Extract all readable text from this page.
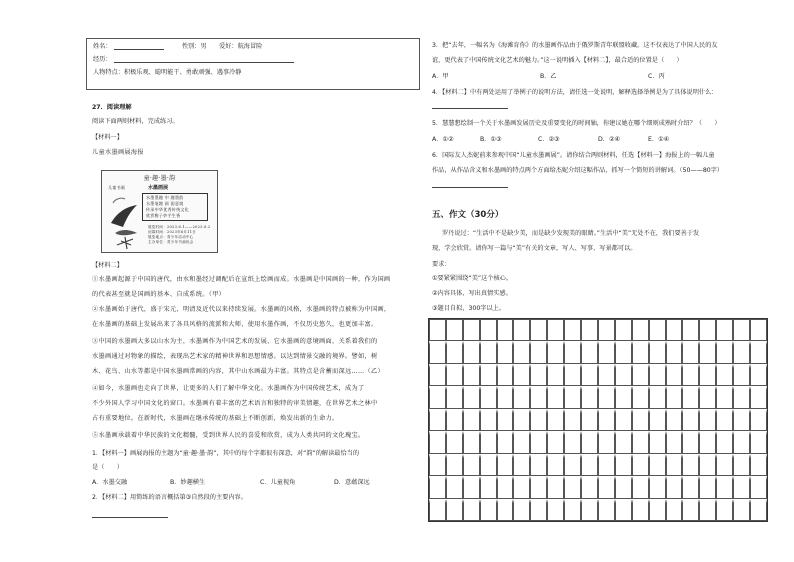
姓名：　　	性别：男　　 爱好：航海冒险
经历：
人物特点：积极乐观、聪明能干、勇敢顽强、遇事冷静
27．阅读理解
阅读下面两则材料，完成练习。
【材料一】
儿童水墨画展海报
童·趣·墨·韵
儿童书画	水墨画展
水墨墨趣 中 趣墨韵
水墨笔趣 画 韵意境
传承中华优秀传统文化
欣赏稚子妙手生香
展览时间：2023.6.1——2023.6.2
闭幕时间：2023年6月11日
展览地点：青少年活动中心
主办单位：青少年书画协会
【材料二】
①水墨画起源于中国的唐代，由水和墨经过调配后在宣纸上绘画而成。水墨画是中国画的一种，作为国画
的代表甚至就是国画的基本、自成系统。（甲）
②水墨画始于唐代，盛于宋元，明清及近代以来持续发展。水墨画的风格，水墨画的特点被称为中国画，
在水墨画的基础上发展出来了各具风格的流派和大师，使用水墨作画，不仅历史悠久，也更加丰富。
③中国的水墨画大多以山水为主，水墨画作为中国艺术的发展，它水墨画的意境画面，关系着我们的
水墨画通过对物象的描绘，表现出艺术家的精神世界和思想情感。以达到情景交融的境界。譬如，树
木、花鸟、山水等都是中国水墨画常画的内容，其中山水画最为丰富。其特点是含蓄而深远……（乙）
④如今，水墨画也走向了世界，让更多的人们了解中华文化。水墨画作为中国传统艺术，成为了
不少外国人学习中国文化的窗口。水墨画有着丰富的艺术语言和独特的审美情趣，在世界艺术之林中
占有重要地位。在新时代，水墨画在继承传统的基础上不断创新，焕发出新的生命力。
⑤水墨画承载着中华民族的文化精髓，受到世界人民的喜爱和欣赏，成为人类共同的文化瑰宝。
1．【材料一】画展海报的主题为“童·趣·墨·韵”，其中的每个字都很有深意，对“韵”的解读最恰当的
是（　　）
A．水墨交融	B．妙趣横生	C．儿童视角	D．意蕴深远
2．【材料二】用简练的语言概括第③自然段的主要内容。
3．把“去年，一幅名为《海滩育你》的水墨画作品由于俄罗斯青年联盟收藏。这不仅表达了中国人民的友
谊，更代表了中国传统文化艺术的魅力。”这一说明插入【材料二】，最合适的位置是（　　）
A．甲	B．乙	C．丙
4．【材料二】中有两处运用了举例子的说明方法，请任选一处说明，解释选择举例是为了具体说明什么：
5．慧慧想绘制一个关于水墨画发展历史及重要变化的时间轴，你建议她在哪个细则成熟时介绍？（　　）
A．①②	B．①③	C．②③	D．②④	E．①④
6．国际友人杰妮前来参观中国“儿童水墨画展”。请你结合两则材料，任选【材料一】海报上的一幅儿童
作品，从作品含义和水墨画的特点两个方面给杰妮介绍这幅作品，抓写一个简短的讲解词。（50——80字）
五、作文（30分）
罗丹说过：“生活中不是缺少美，而是缺少发现美的眼睛。”生活中“美”无处不在，我们要善于发
现，学会欣赏。请你写一篇与“美”有关的文章，写人、写事、写景都可以。
要求：
①要紧紧围绕“美”这个核心。
②内容具体，写出真情实感。
③题目自拟，300字以上。
